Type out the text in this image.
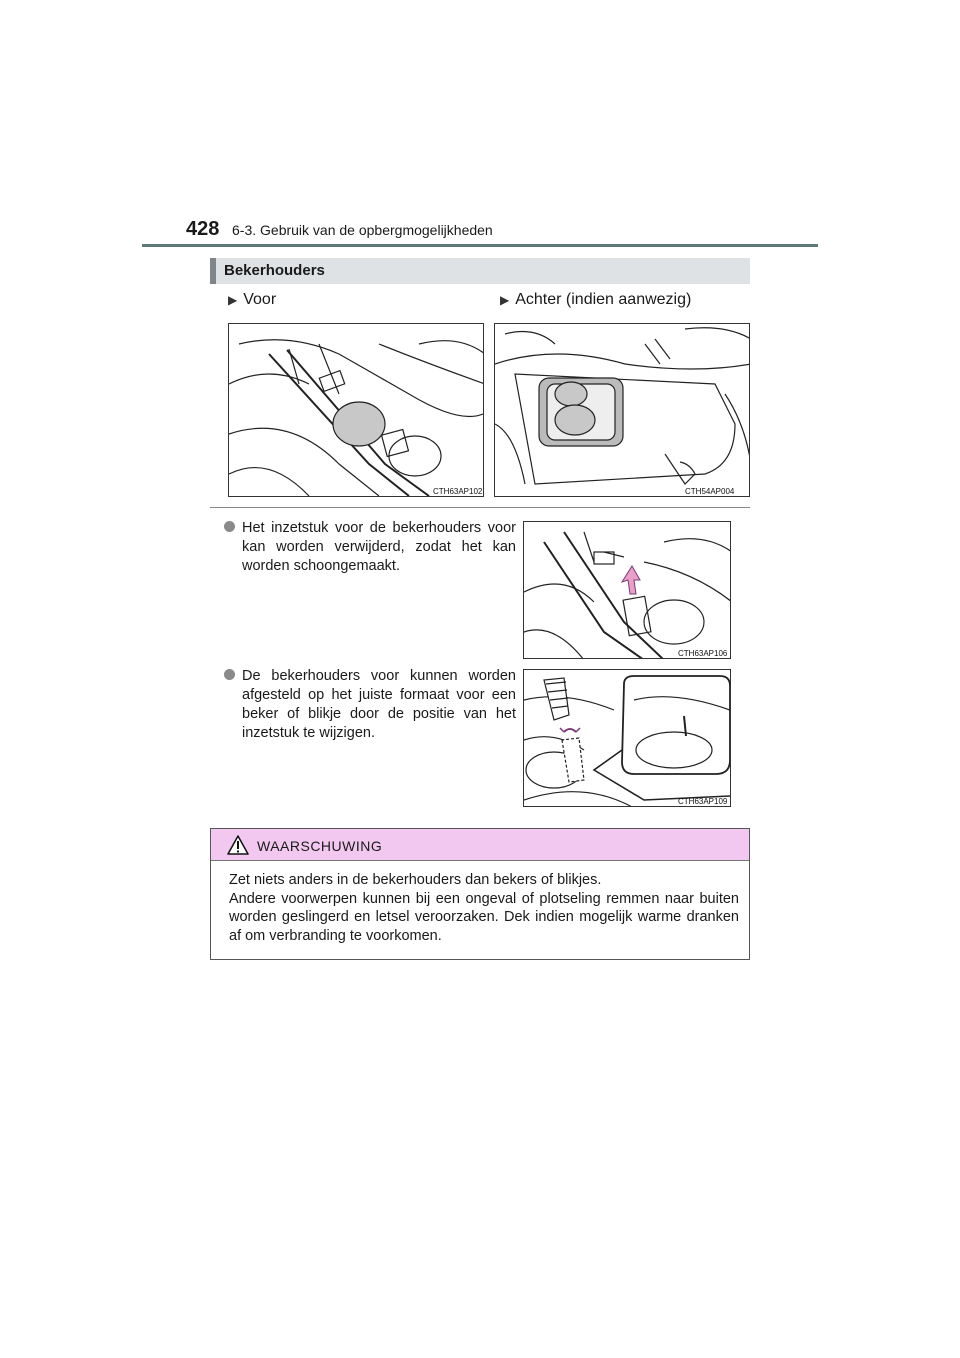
428 6-3. Gebruik van de opbergmogelijkheden
Bekerhouders
▶ Voor	▶ Achter (indien aanwezig)
CTH63AP102	CTH54AP004
Het inzetstuk voor de bekerhouders voor kan worden verwijderd, zodat het kan worden schoongemaakt.
CTH63AP106
De bekerhouders voor kunnen worden afgesteld op het juiste formaat voor een beker of blikje door de positie van het inzetstuk te wijzigen.
CTH63AP109
WAARSCHUWING

Zet niets anders in de bekerhouders dan bekers of blikjes.

Andere voorwerpen kunnen bij een ongeval of plotseling remmen naar buiten worden geslingerd en letsel veroorzaken. Dek indien mogelijk warme dranken af om verbranding te voorkomen.
